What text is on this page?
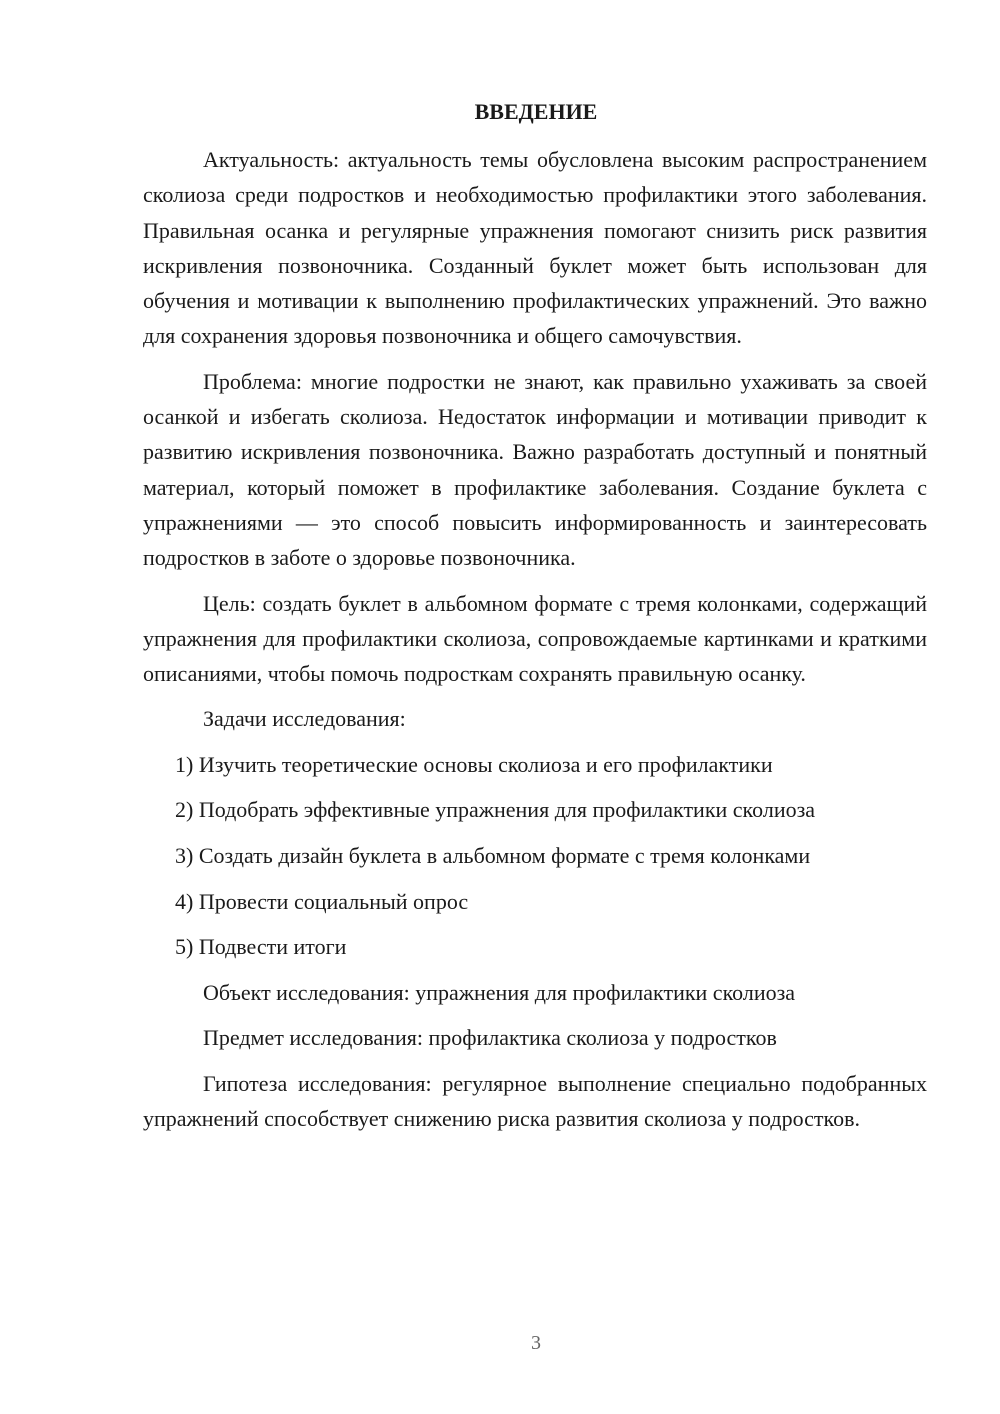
ВВЕДЕНИЕ

Актуальность: актуальность темы обусловлена высоким распространением сколиоза среди подростков и необходимостью профилактики этого заболевания. Правильная осанка и регулярные упражнения помогают снизить риск развития искривления позвоночника. Созданный буклет может быть использован для обучения и мотивации к выполнению профилактических упражнений. Это важно для сохранения здоровья позвоночника и общего самочувствия.

Проблема: многие подростки не знают, как правильно ухаживать за своей осанкой и избегать сколиоза. Недостаток информации и мотивации приводит к развитию искривления позвоночника. Важно разработать доступный и понятный материал, который поможет в профилактике заболевания. Создание буклета с упражнениями — это способ повысить информированность и заинтересовать подростков в заботе о здоровье позвоночника.

Цель: создать буклет в альбомном формате с тремя колонками, содержащий упражнения для профилактики сколиоза, сопровождаемые картинками и краткими описаниями, чтобы помочь подросткам сохранять правильную осанку.

Задачи исследования:

1) Изучить теоретические основы сколиоза и его профилактики

2) Подобрать эффективные упражнения для профилактики сколиоза

3) Создать дизайн буклета в альбомном формате с тремя колонками

4) Провести социальный опрос

5) Подвести итоги

Объект исследования: упражнения для профилактики сколиоза

Предмет исследования: профилактика сколиоза у подростков

Гипотеза исследования: регулярное выполнение специально подобранных упражнений способствует снижению риска развития сколиоза у подростков.

3
